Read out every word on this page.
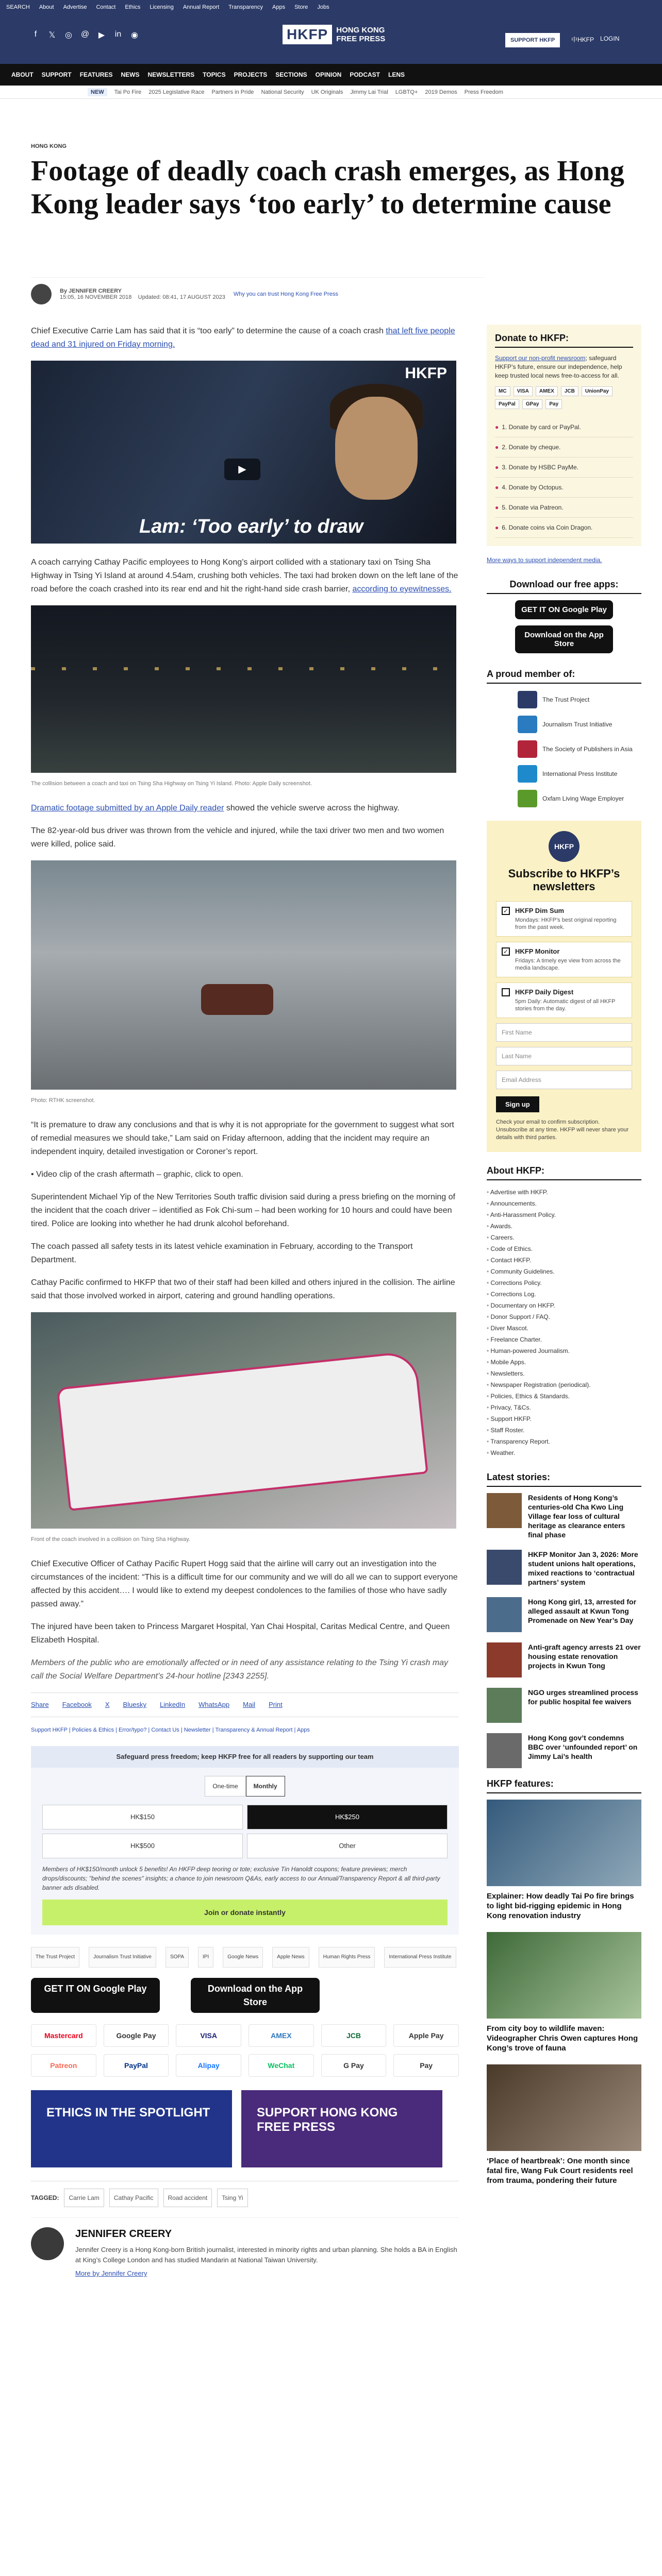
SEARCH About Advertise Contact Ethics Licensing Annual Report Transparency Apps Store Jobs
f	𝕏 ◎ @ ▶ in ◉	HKFP	HONG KONG FREE PRESS	SUPPORT HKFP	中HKFP LOGIN
ABOUT SUPPORT FEATURES NEWS NEWSLETTERS TOPICS PROJECTS SECTIONS OPINION PODCAST LENS
NEW	Tai Po Fire 2025 Legislative Race Partners in Pride National Security UK Originals Jimmy Lai Trial LGBTQ+ 2019 Demos Press Freedom
HONG KONG
Footage of deadly coach crash emerges, as Hong Kong leader says ‘too early’ to determine cause
By JENNIFER CREERY
15:05, 16 NOVEMBER 2018 Updated: 08:41, 17 AUGUST 2023 Why you can trust Hong Kong Free Press

Chief Executive Carrie Lam has said that it is “too early” to determine the cause of a coach crash that left five people dead and 31 injured on Friday morning.

HKFP
▶
Lam: ‘Too early’ to draw

A coach carrying Cathay Pacific employees to Hong Kong’s airport collided with a stationary taxi on Tsing Sha Highway in Tsing Yi Island at around 4.54am, crushing both vehicles. The taxi had broken down on the left lane of the road before the coach crashed into its rear end and hit the right-hand side crash barrier, according to eyewitnesses.

The collision between a coach and taxi on Tsing Sha Highway on Tsing Yi Island. Photo: Apple Daily screenshot.

Dramatic footage submitted by an Apple Daily reader showed the vehicle swerve across the highway.

The 82-year-old bus driver was thrown from the vehicle and injured, while the taxi driver two men and two women were killed, police said.

Photo: RTHK screenshot.

“It is premature to draw any conclusions and that is why it is not appropriate for the government to suggest what sort of remedial measures we should take,” Lam said on Friday afternoon, adding that the incident may require an independent inquiry, detailed investigation or Coroner’s report.

• Video clip of the crash aftermath – graphic, click to open.

Superintendent Michael Yip of the New Territories South traffic division said during a press briefing on the morning of the incident that the coach driver – identified as Fok Chi-sum – had been working for 10 hours and could have been tired. Police are looking into whether he had drunk alcohol beforehand.

The coach passed all safety tests in its latest vehicle examination in February, according to the Transport Department.

Cathay Pacific confirmed to HKFP that two of their staff had been killed and others injured in the collision. The airline said that those involved worked in airport, catering and ground handling operations.

Front of the coach involved in a collision on Tsing Sha Highway.

Chief Executive Officer of Cathay Pacific Rupert Hogg said that the airline will carry out an investigation into the circumstances of the incident: “This is a difficult time for our community and we will do all we can to support everyone affected by this accident…. I would like to extend my deepest condolences to the families of those who have sadly passed away.”

The injured have been taken to Princess Margaret Hospital, Yan Chai Hospital, Caritas Medical Centre, and Queen Elizabeth Hospital.

Members of the public who are emotionally affected or in need of any assistance relating to the Tsing Yi crash may call the Social Welfare Department’s 24-hour hotline [2343 2255].

Share Facebook X Bluesky LinkedIn WhatsApp Mail Print
Support HKFP | Policies & Ethics | Error/typo? | Contact Us | Newsletter | Transparency & Annual Report | Apps
Safeguard press freedom; keep HKFP free for all readers by supporting our team
One-time	Monthly
HK$150	HK$250
HK$500	Other
Members of HK$150/month unlock 5 benefits! An HKFP deep teoring or tote; exclusive Tin Hanoldt coupons; feature previews; merch drops/discounts; "behind the scenes" insights; a chance to join newsroom Q&As, early access to our Annual/Transparency Report & all third-party banner ads disabled.
Join or donate instantly
The Trust Project	Journalism Trust Initiative	SOPA	IPI	Google News	Apple News	Human Rights Press	International Press Institute
GET IT ON Google Play	Download on the App Store
Mastercard	Google Pay	VISA	AMEX	JCB	Apple Pay
Patreon	PayPal	Alipay	WeChat	G Pay	Pay
ETHICS IN THE SPOTLIGHT	SUPPORT HONG KONG FREE PRESS
TAGGED:	Carrie Lam	Cathay Pacific	Road accident	Tsing Yi
JENNIFER CREERY

Jennifer Creery is a Hong Kong-born British journalist, interested in minority rights and urban planning. She holds a BA in English at King’s College London and has studied Mandarin at National Taiwan University.

More by Jennifer Creery

Donate to HKFP:

Support our non-profit newsroom; safeguard HKFP’s future, ensure our independence, help keep trusted local news free-to-access for all.

MC	VISA	AMEX	JCB	UnionPay
PayPal	GPay	Pay
● 1. Donate by card or PayPal.
● 2. Donate by cheque.
● 3. Donate by HSBC PayMe.
● 4. Donate by Octopus.
● 5. Donate via Patreon.
● 6. Donate coins via Coin Dragon.
More ways to support independent media.
Download our free apps:
GET IT ON Google Play
Download on the App Store
A proud member of:
The Trust Project
Journalism Trust Initiative
The Society of Publishers in Asia
International Press Institute
Oxfam Living Wage Employer
HKFP
Subscribe to HKFP’s newsletters
✓ HKFP Dim Sum
Mondays: HKFP's best original reporting from the past week.
✓ HKFP Monitor
Fridays: A timely eye view from across the media landscape.
HKFP Daily Digest
5pm Daily: Automatic digest of all HKFP stories from the day.
First Name
Last Name
Email Address
Sign up
Check your email to confirm subscription. Unsubscribe at any time. HKFP will never share your details with third parties.
About HKFP:
• Advertise with HKFP.
• Announcements.
• Anti-Harassment Policy.
• Awards.
• Careers.
• Code of Ethics.
• Contact HKFP.
• Community Guidelines.
• Corrections Policy.
• Corrections Log.
• Documentary on HKFP.
• Donor Support / FAQ.
• Diver Mascot.
• Freelance Charter.
• Human-powered Journalism.
• Mobile Apps.
• Newsletters.
• Newspaper Registration (periodical).
• Policies, Ethics & Standards.
• Privacy, T&Cs.
• Support HKFP.
• Staff Roster.
• Transparency Report.
• Weather.
Latest stories:
Residents of Hong Kong’s centuries-old Cha Kwo Ling Village fear loss of cultural heritage as clearance enters final phase
HKFP Monitor Jan 3, 2026: More student unions halt operations, mixed reactions to ‘contractual partners’ system
Hong Kong girl, 13, arrested for alleged assault at Kwun Tong Promenade on New Year’s Day
Anti-graft agency arrests 21 over housing estate renovation projects in Kwun Tong
NGO urges streamlined process for public hospital fee waivers
Hong Kong gov’t condemns BBC over ‘unfounded report’ on Jimmy Lai’s health
HKFP features:
Explainer: How deadly Tai Po fire brings to light bid-rigging epidemic in Hong Kong renovation industry
From city boy to wildlife maven: Videographer Chris Owen captures Hong Kong’s trove of fauna
‘Place of heartbreak’: One month since fatal fire, Wang Fuk Court residents reel from trauma, pondering their future
